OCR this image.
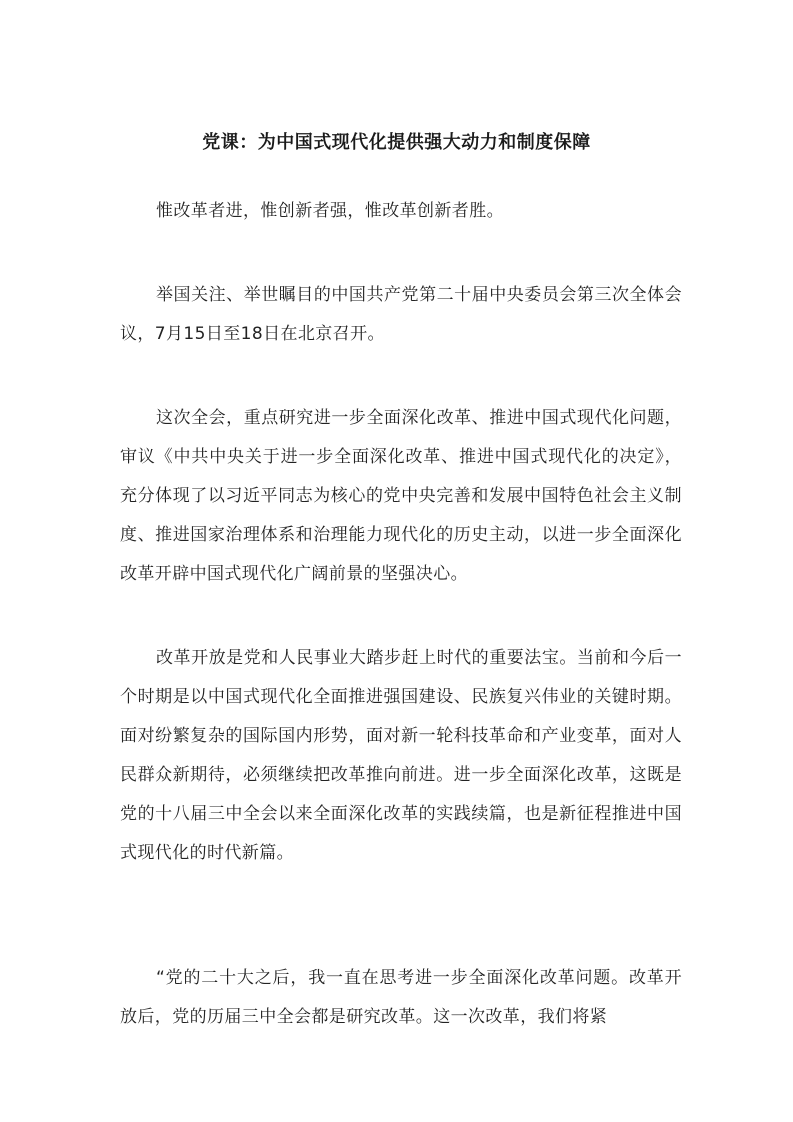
党课：为中国式现代化提供强大动力和制度保障

惟改革者进，惟创新者强，惟改革创新者胜。

举国关注、举世瞩目的中国共产党第二十届中央委员会第三次全体会议，7月15日至18日在北京召开。

这次全会，重点研究进一步全面深化改革、推进中国式现代化问题，审议《中共中央关于进一步全面深化改革、推进中国式现代化的决定》，充分体现了以习近平同志为核心的党中央完善和发展中国特色社会主义制度、推进国家治理体系和治理能力现代化的历史主动，以进一步全面深化改革开辟中国式现代化广阔前景的坚强决心。

改革开放是党和人民事业大踏步赶上时代的重要法宝。当前和今后一个时期是以中国式现代化全面推进强国建设、民族复兴伟业的关键时期。面对纷繁复杂的国际国内形势，面对新一轮科技革命和产业变革，面对人民群众新期待，必须继续把改革推向前进。进一步全面深化改革，这既是党的十八届三中全会以来全面深化改革的实践续篇，也是新征程推进中国式现代化的时代新篇。

“党的二十大之后，我一直在思考进一步全面深化改革问题。改革开放后，党的历届三中全会都是研究改革。这一次改革，我们将紧
